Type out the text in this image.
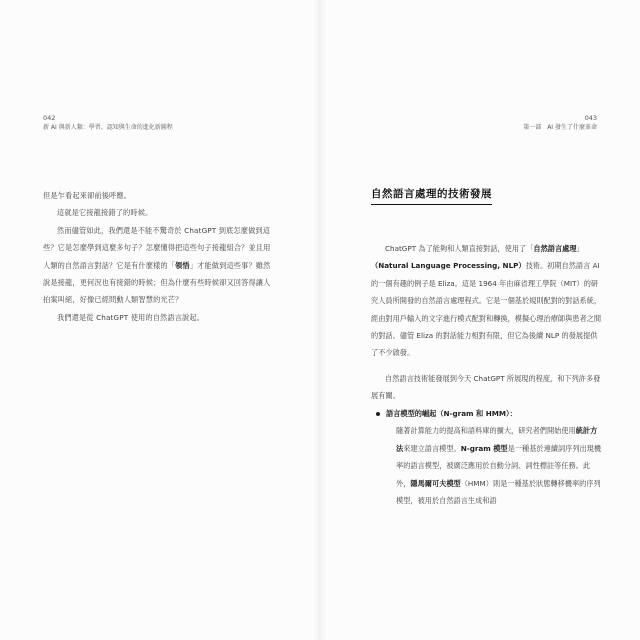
042
新 AI 與新人類：學習、認知與生命的進化新圖程

但是乍看起來卻前後呼應。

這就是它接龍接錯了的時候。

然而儘管如此，我們還是不能不驚奇於 ChatGPT 到底怎麼做到這些？它是怎麼學到這麼多句子？怎麼懂得把這些句子接龍組合？並且用人類的自然語言對話？它是有什麼樣的「領悟」才能做到這些事？雖然說是接龍，更何況也有接錯的時候；但為什麼有些時候卻又回答得讓人拍案叫絕，好像已經問動人類智慧的光芒？

我們還是從 ChatGPT 使用的自然語言說起。

043
第一部　AI 發生了什麼革命
自然語言處理的技術發展

ChatGPT 為了能夠和人類直接對話，使用了「自然語言處理」（Natural Language Processing, NLP）技術。初期自然語言 AI 的一個有趣的例子是 Eliza。這是 1964 年由麻省理工學院（MIT）的研究人員所開發的自然語言處理程式。它是一個基於規則配對的對話系統，經由對用戶輸入的文字進行模式配對和轉換，模擬心理治療師與患者之間的對話。儘管 Eliza 的對話能力相對有限，但它為後續 NLP 的發展提供了不少啟發。

自然語言技術能發展到今天 ChatGPT 所展現的程度，和下列許多發展有關。

語言模型的崛起（N-gram 和 HMM）：
隨著計算能力的提高和語料庫的擴大，研究者們開始使用統計方法來建立語言模型。N-gram 模型是一種基於連續詞序列出現機率的語言模型，被廣泛應用於自動分詞、詞性標註等任務。此外，隱馬爾可夫模型（HMM）則是一種基於狀態轉移機率的序列模型，被用於自然語言生成和語
